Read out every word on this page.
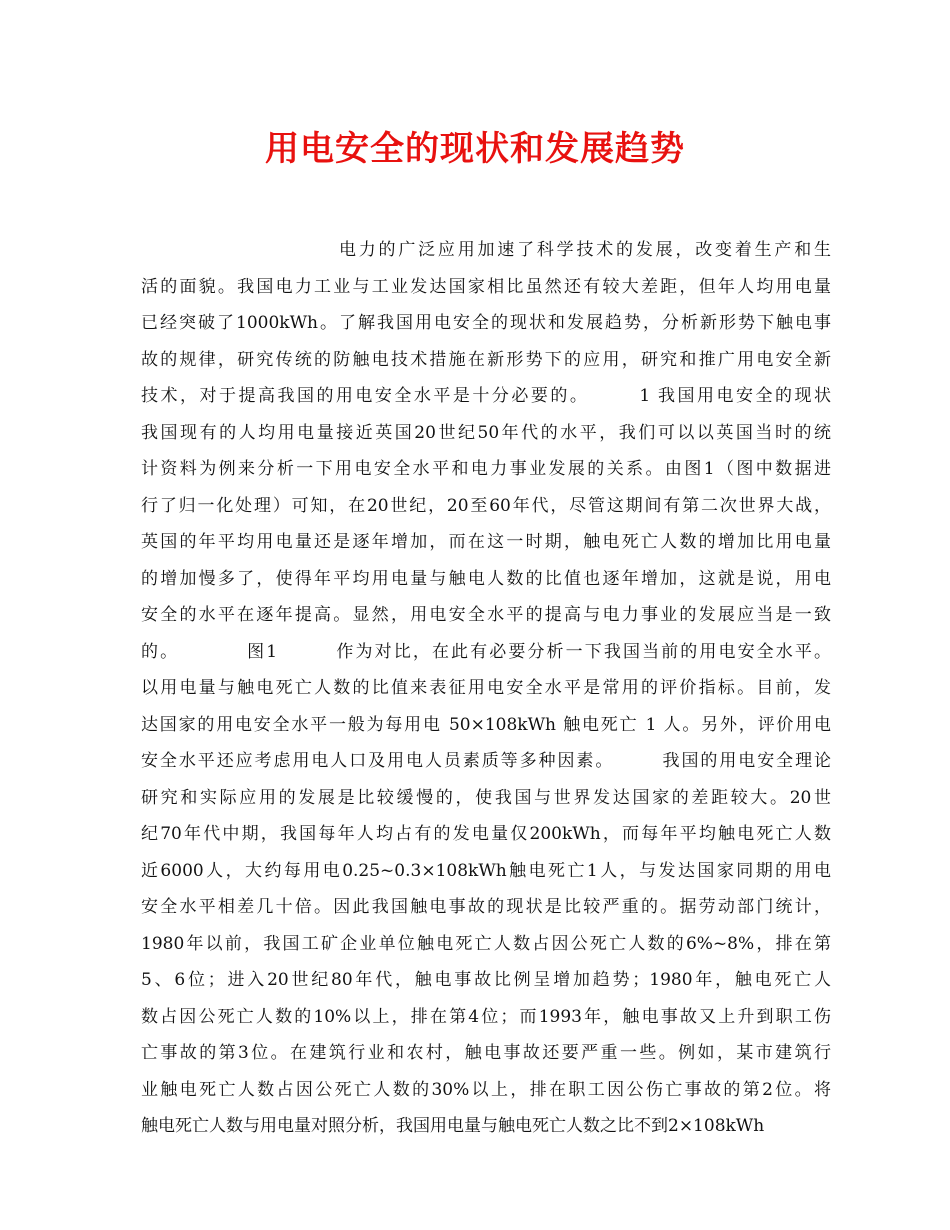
用电安全的现状和发展趋势
　　　　　　　　　　电力的广泛应用加速了科学技术的发展，改变着生产和生
活的面貌。我国电力工业与工业发达国家相比虽然还有较大差距，但年人均用电量
已经突破了1000kWh。了解我国用电安全的现状和发展趋势，分析新形势下触电事
故的规律，研究传统的防触电技术措施在新形势下的应用，研究和推广用电安全新
技术，对于提高我国的用电安全水平是十分必要的。　　　1 我国用电安全的现状
我国现有的人均用电量接近英国20世纪50年代的水平，我们可以以英国当时的统
计资料为例来分析一下用电安全水平和电力事业发展的关系。由图1（图中数据进
行了归一化处理）可知，在20世纪，20至60年代，尽管这期间有第二次世界大战，
英国的年平均用电量还是逐年增加，而在这一时期，触电死亡人数的增加比用电量
的增加慢多了，使得年平均用电量与触电人数的比值也逐年增加，这就是说，用电
安全的水平在逐年提高。显然，用电安全水平的提高与电力事业的发展应当是一致
的。　　　　图1　　　作为对比，在此有必要分析一下我国当前的用电安全水平。
以用电量与触电死亡人数的比值来表征用电安全水平是常用的评价指标。目前，发
达国家的用电安全水平一般为每用电 50×108kWh 触电死亡 1 人。另外，评价用电
安全水平还应考虑用电人口及用电人员素质等多种因素。　　　我国的用电安全理论
研究和实际应用的发展是比较缓慢的，使我国与世界发达国家的差距较大。20世
纪70年代中期，我国每年人均占有的发电量仅200kWh，而每年平均触电死亡人数
近6000人，大约每用电0.25~0.3×108kWh触电死亡1人，与发达国家同期的用电
安全水平相差几十倍。因此我国触电事故的现状是比较严重的。据劳动部门统计，
1980年以前，我国工矿企业单位触电死亡人数占因公死亡人数的6%~8%，排在第
5、6位；进入20世纪80年代，触电事故比例呈增加趋势；1980年，触电死亡人
数占因公死亡人数的10%以上，排在第4位；而1993年，触电事故又上升到职工伤
亡事故的第3位。在建筑行业和农村，触电事故还要严重一些。例如，某市建筑行
业触电死亡人数占因公死亡人数的30%以上，排在职工因公伤亡事故的第2位。将
触电死亡人数与用电量对照分析，我国用电量与触电死亡人数之比不到2×108kWh
